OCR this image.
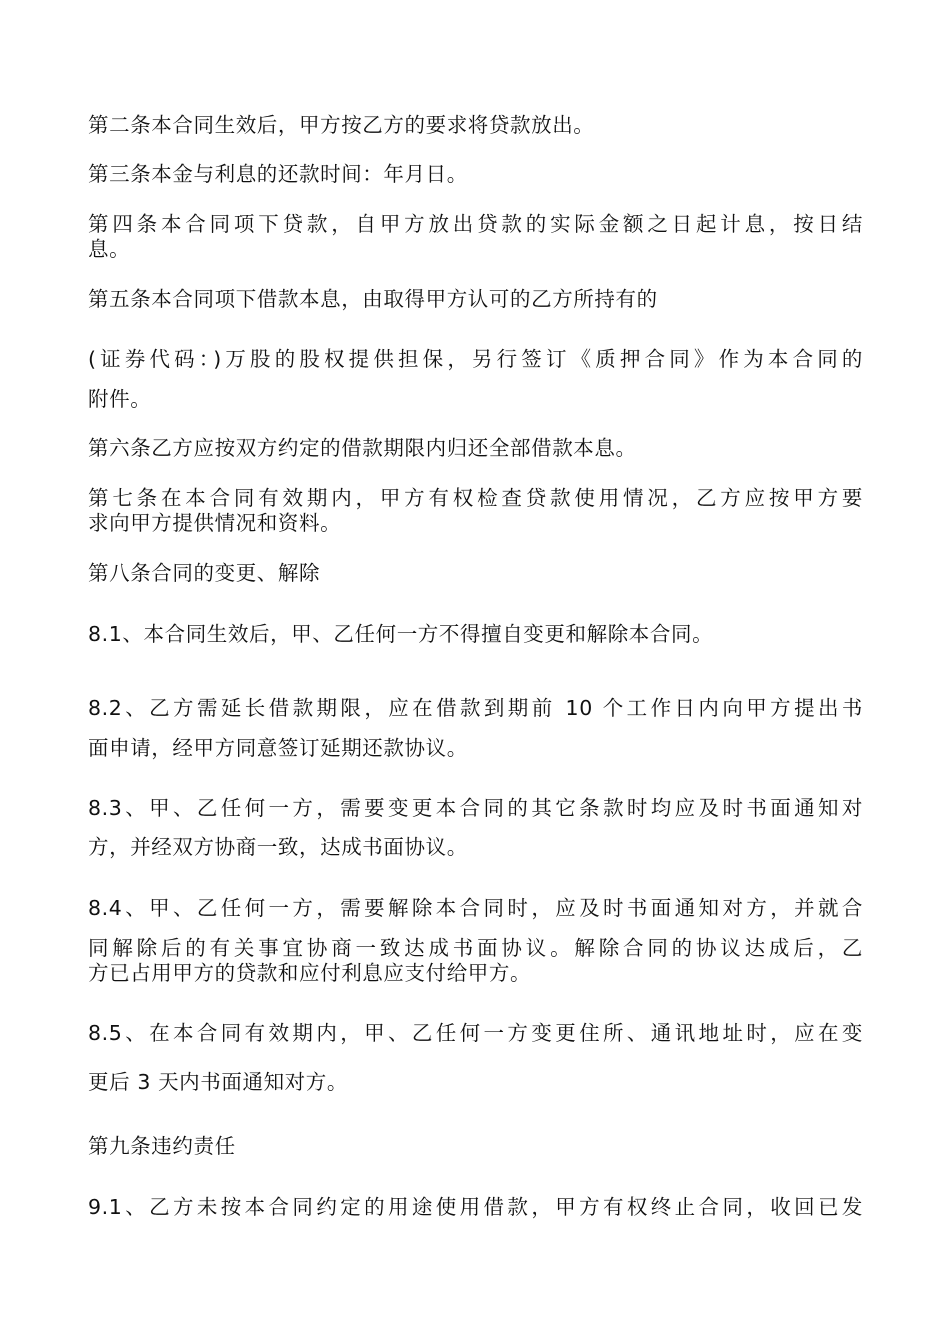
第二条本合同生效后，甲方按乙方的要求将贷款放出。
第三条本金与利息的还款时间：年月日。
第四条本合同项下贷款，自甲方放出贷款的实际金额之日起计息，按日结
息。
第五条本合同项下借款本息，由取得甲方认可的乙方所持有的
(证券代码：)万股的股权提供担保，另行签订《质押合同》作为本合同的
附件。
第六条乙方应按双方约定的借款期限内归还全部借款本息。
第七条在本合同有效期内，甲方有权检查贷款使用情况，乙方应按甲方要
求向甲方提供情况和资料。
第八条合同的变更、解除
8.1、本合同生效后，甲、乙任何一方不得擅自变更和解除本合同。
8.2、乙方需延长借款期限，应在借款到期前 10 个工作日内向甲方提出书
面申请，经甲方同意签订延期还款协议。
8.3、甲、乙任何一方，需要变更本合同的其它条款时均应及时书面通知对
方，并经双方协商一致，达成书面协议。
8.4、甲、乙任何一方，需要解除本合同时，应及时书面通知对方，并就合
同解除后的有关事宜协商一致达成书面协议。解除合同的协议达成后，乙
方已占用甲方的贷款和应付利息应支付给甲方。
8.5、在本合同有效期内，甲、乙任何一方变更住所、通讯地址时，应在变
更后 3 天内书面通知对方。
第九条违约责任
9.1、乙方未按本合同约定的用途使用借款，甲方有权终止合同，收回已发
